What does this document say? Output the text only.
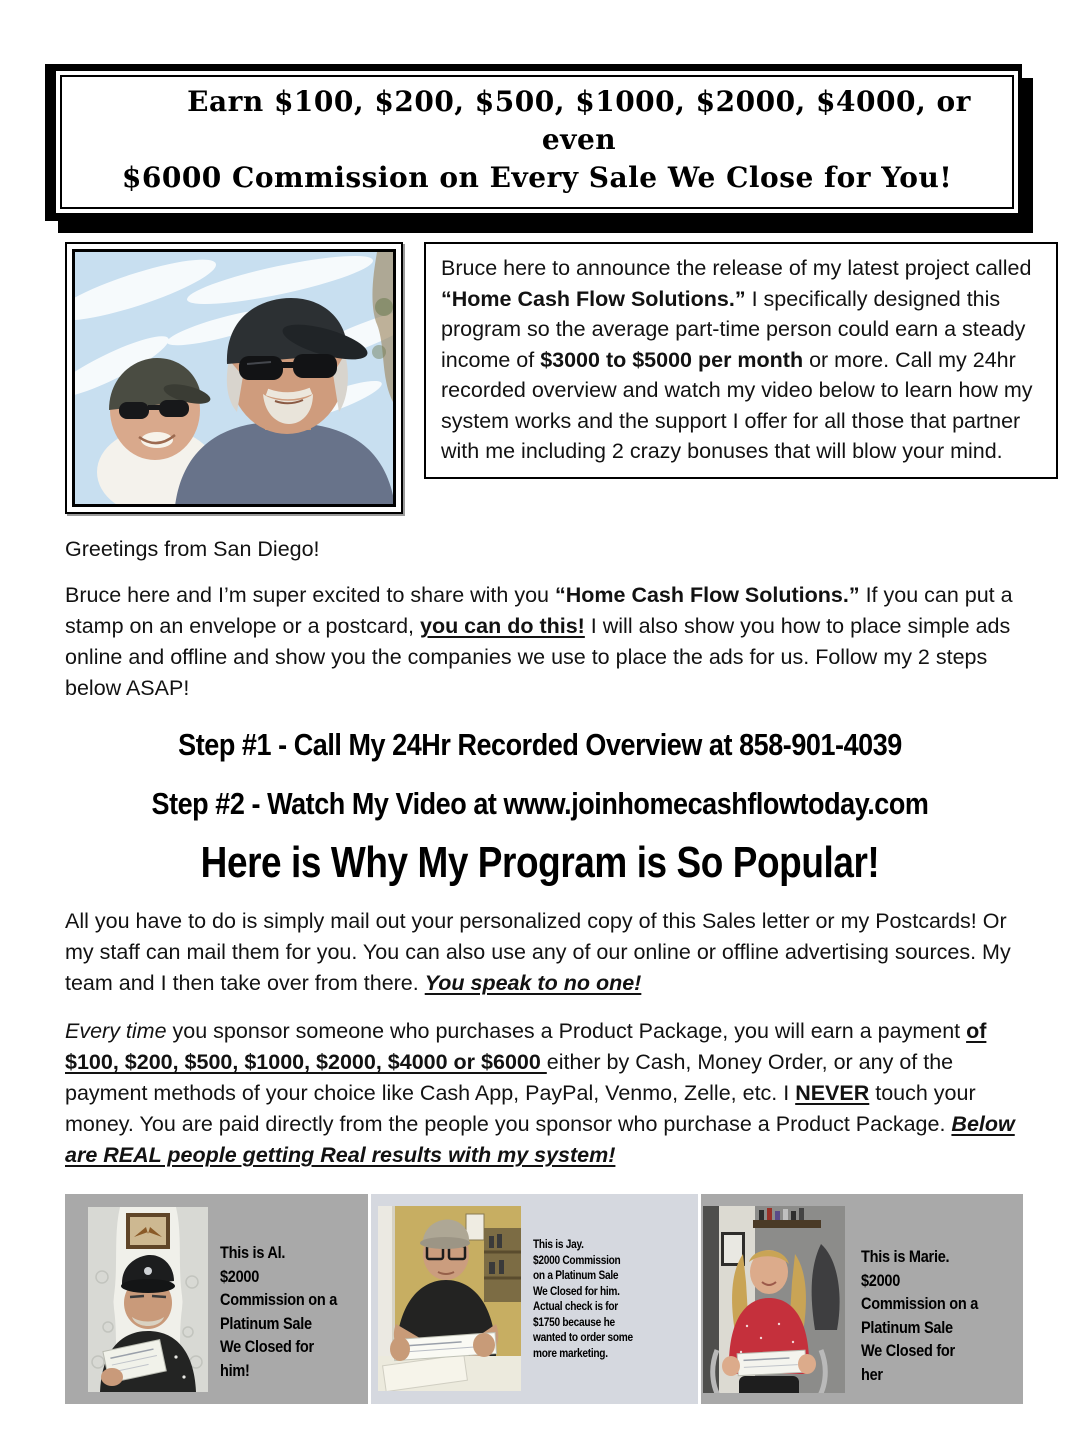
Earn $100, $200, $500, $1000, $2000, $4000, or even
$6000 Commission on Every Sale We Close for You!
Bruce here to announce the release of my latest project called “Home Cash Flow Solutions.” I specifically designed this program so the average part-time person could earn a steady income of $3000 to $5000 per month or more. Call my 24hr recorded overview and watch my video below to learn how my system works and the support I offer for all those that partner with me including 2 crazy bonuses that will blow your mind.
Greetings from San Diego!
Bruce here and I’m super excited to share with you “Home Cash Flow Solutions.” If you can put a stamp on an envelope or a postcard, you can do this! I will also show you how to place simple ads online and offline and show you the companies we use to place the ads for us. Follow my 2 steps below ASAP!
Step #1 - Call My 24Hr Recorded Overview at 858-901-4039
Step #2 - Watch My Video at www.joinhomecashflowtoday.com
Here is Why My Program is So Popular!
All you have to do is simply mail out your personalized copy of this Sales letter or my Postcards! Or my staff can mail them for you. You can also use any of our online or offline advertising sources. My team and I then take over from there. You speak to no one!
Every time you sponsor someone who purchases a Product Package, you will earn a payment of $100, $200, $500, $1000, $2000, $4000 or $6000 either by Cash, Money Order, or any of the payment methods of your choice like Cash App, PayPal, Venmo, Zelle, etc. I NEVER touch your money. You are paid directly from the people you sponsor who purchase a Product Package. Below are REAL people getting Real results with my system!
This is Al.
$2000
Commission on a
Platinum Sale
We Closed for
him!
This is Jay.
$2000 Commission
on a Platinum Sale
We Closed for him.
Actual check is for
$1750 because he
wanted to order some
more marketing.
This is Marie.
$2000
Commission on a
Platinum Sale
We Closed for
her
